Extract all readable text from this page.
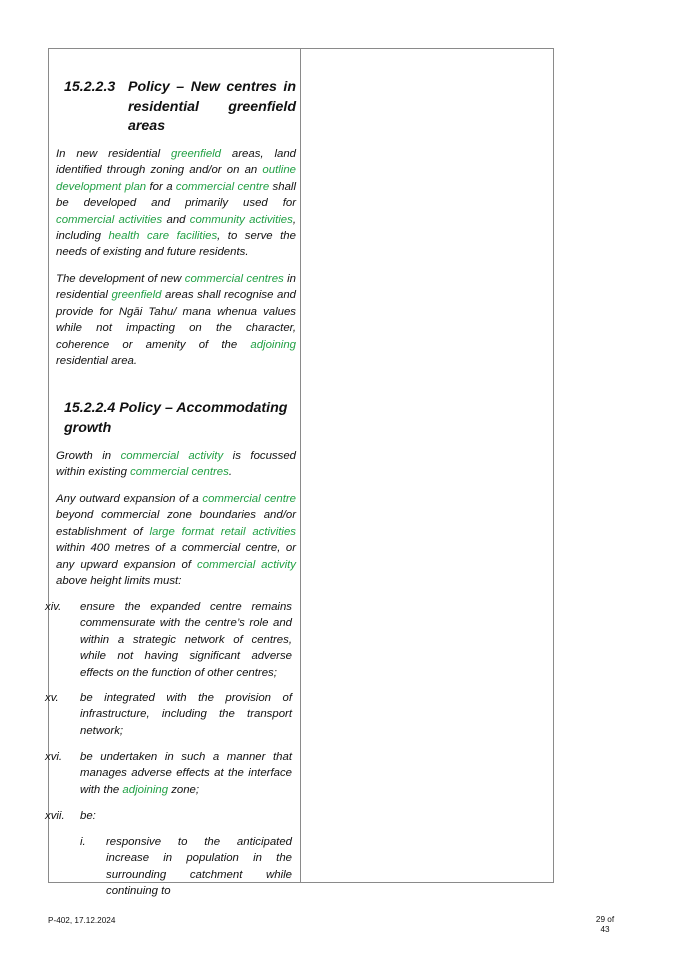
15.2.2.3 Policy – New centres in residential greenfield areas

In new residential greenfield areas, land identified through zoning and/or on an outline development plan for a commercial centre shall be developed and primarily used for commercial activities and community activities, including health care facilities, to serve the needs of existing and future residents.

The development of new commercial centres in residential greenfield areas shall recognise and provide for Ngāi Tahu/ mana whenua values while not impacting on the character, coherence or amenity of the adjoining residential area.

15.2.2.4 Policy – Accommodating growth

Growth in commercial activity is focussed within existing commercial centres.

Any outward expansion of a commercial centre beyond commercial zone boundaries and/or establishment of large format retail activities within 400 metres of a commercial centre, or any upward expansion of commercial activity above height limits must:

xiv. ensure the expanded centre remains commensurate with the centre’s role and within a strategic network of centres, while not having significant adverse effects on the function of other centres;

xv. be integrated with the provision of infrastructure, including the transport network;

xvi. be undertaken in such a manner that manages adverse effects at the interface with the adjoining zone;

xvii. be:

i. responsive to the anticipated increase in population in the surrounding catchment while continuing to

P-402, 17.12.2024	29 of
43
